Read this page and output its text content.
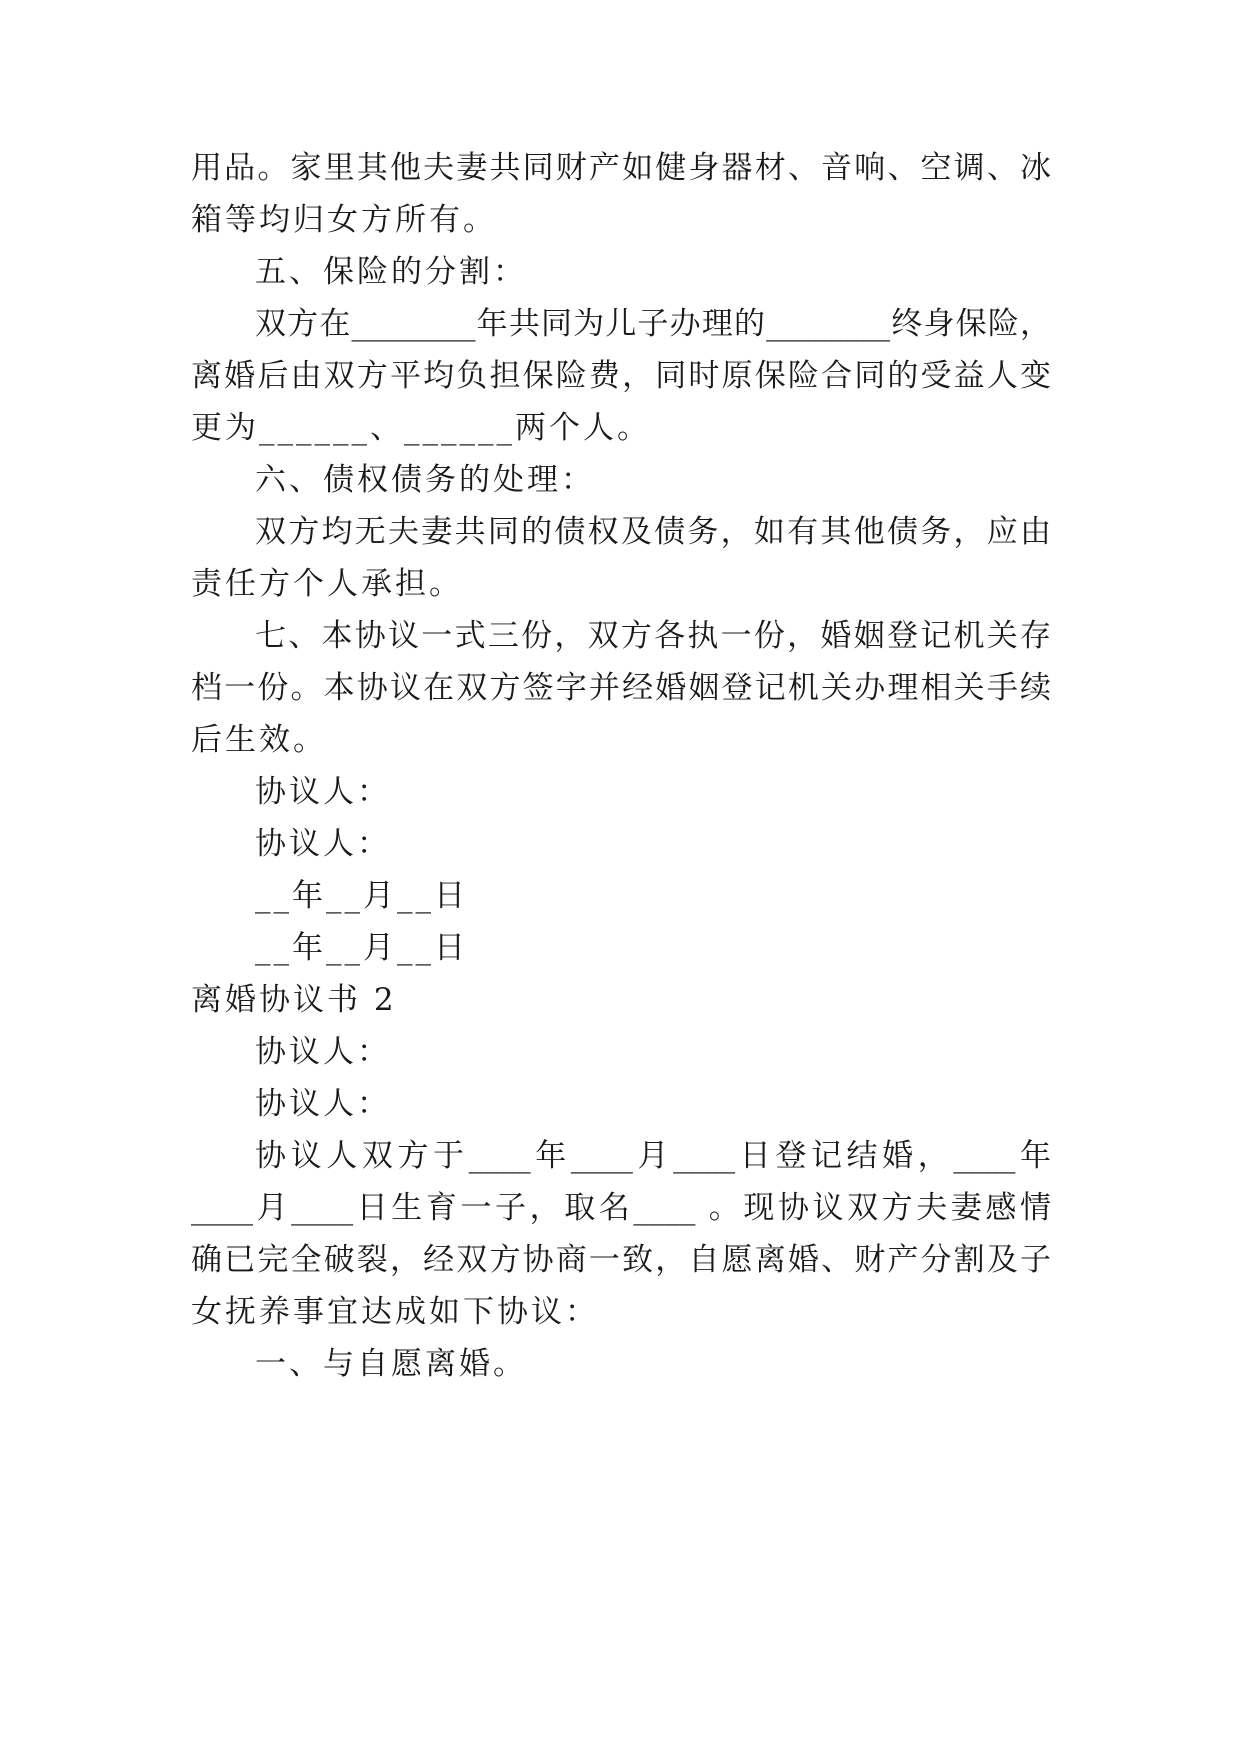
用品。家里其他夫妻共同财产如健身器材、音响、空调、冰
箱等均归女方所有。
五、保险的分割：
双方在________年共同为儿子办理的________终身保险，
离婚后由双方平均负担保险费，同时原保险合同的受益人变
更为______、______两个人。
六、债权债务的处理：
双方均无夫妻共同的债权及债务，如有其他债务，应由
责任方个人承担。
七、本协议一式三份，双方各执一份，婚姻登记机关存
档一份。本协议在双方签字并经婚姻登记机关办理相关手续
后生效。
协议人：
协议人：
__年__月__日
__年__月__日
离婚协议书 2
协议人：
协议人：
协议人双方于____年____月____日登记结婚，____年
____月____日生育一子，取名____ 。现协议双方夫妻感情
确已完全破裂，经双方协商一致，自愿离婚、财产分割及子
女抚养事宜达成如下协议：
一、与自愿离婚。
